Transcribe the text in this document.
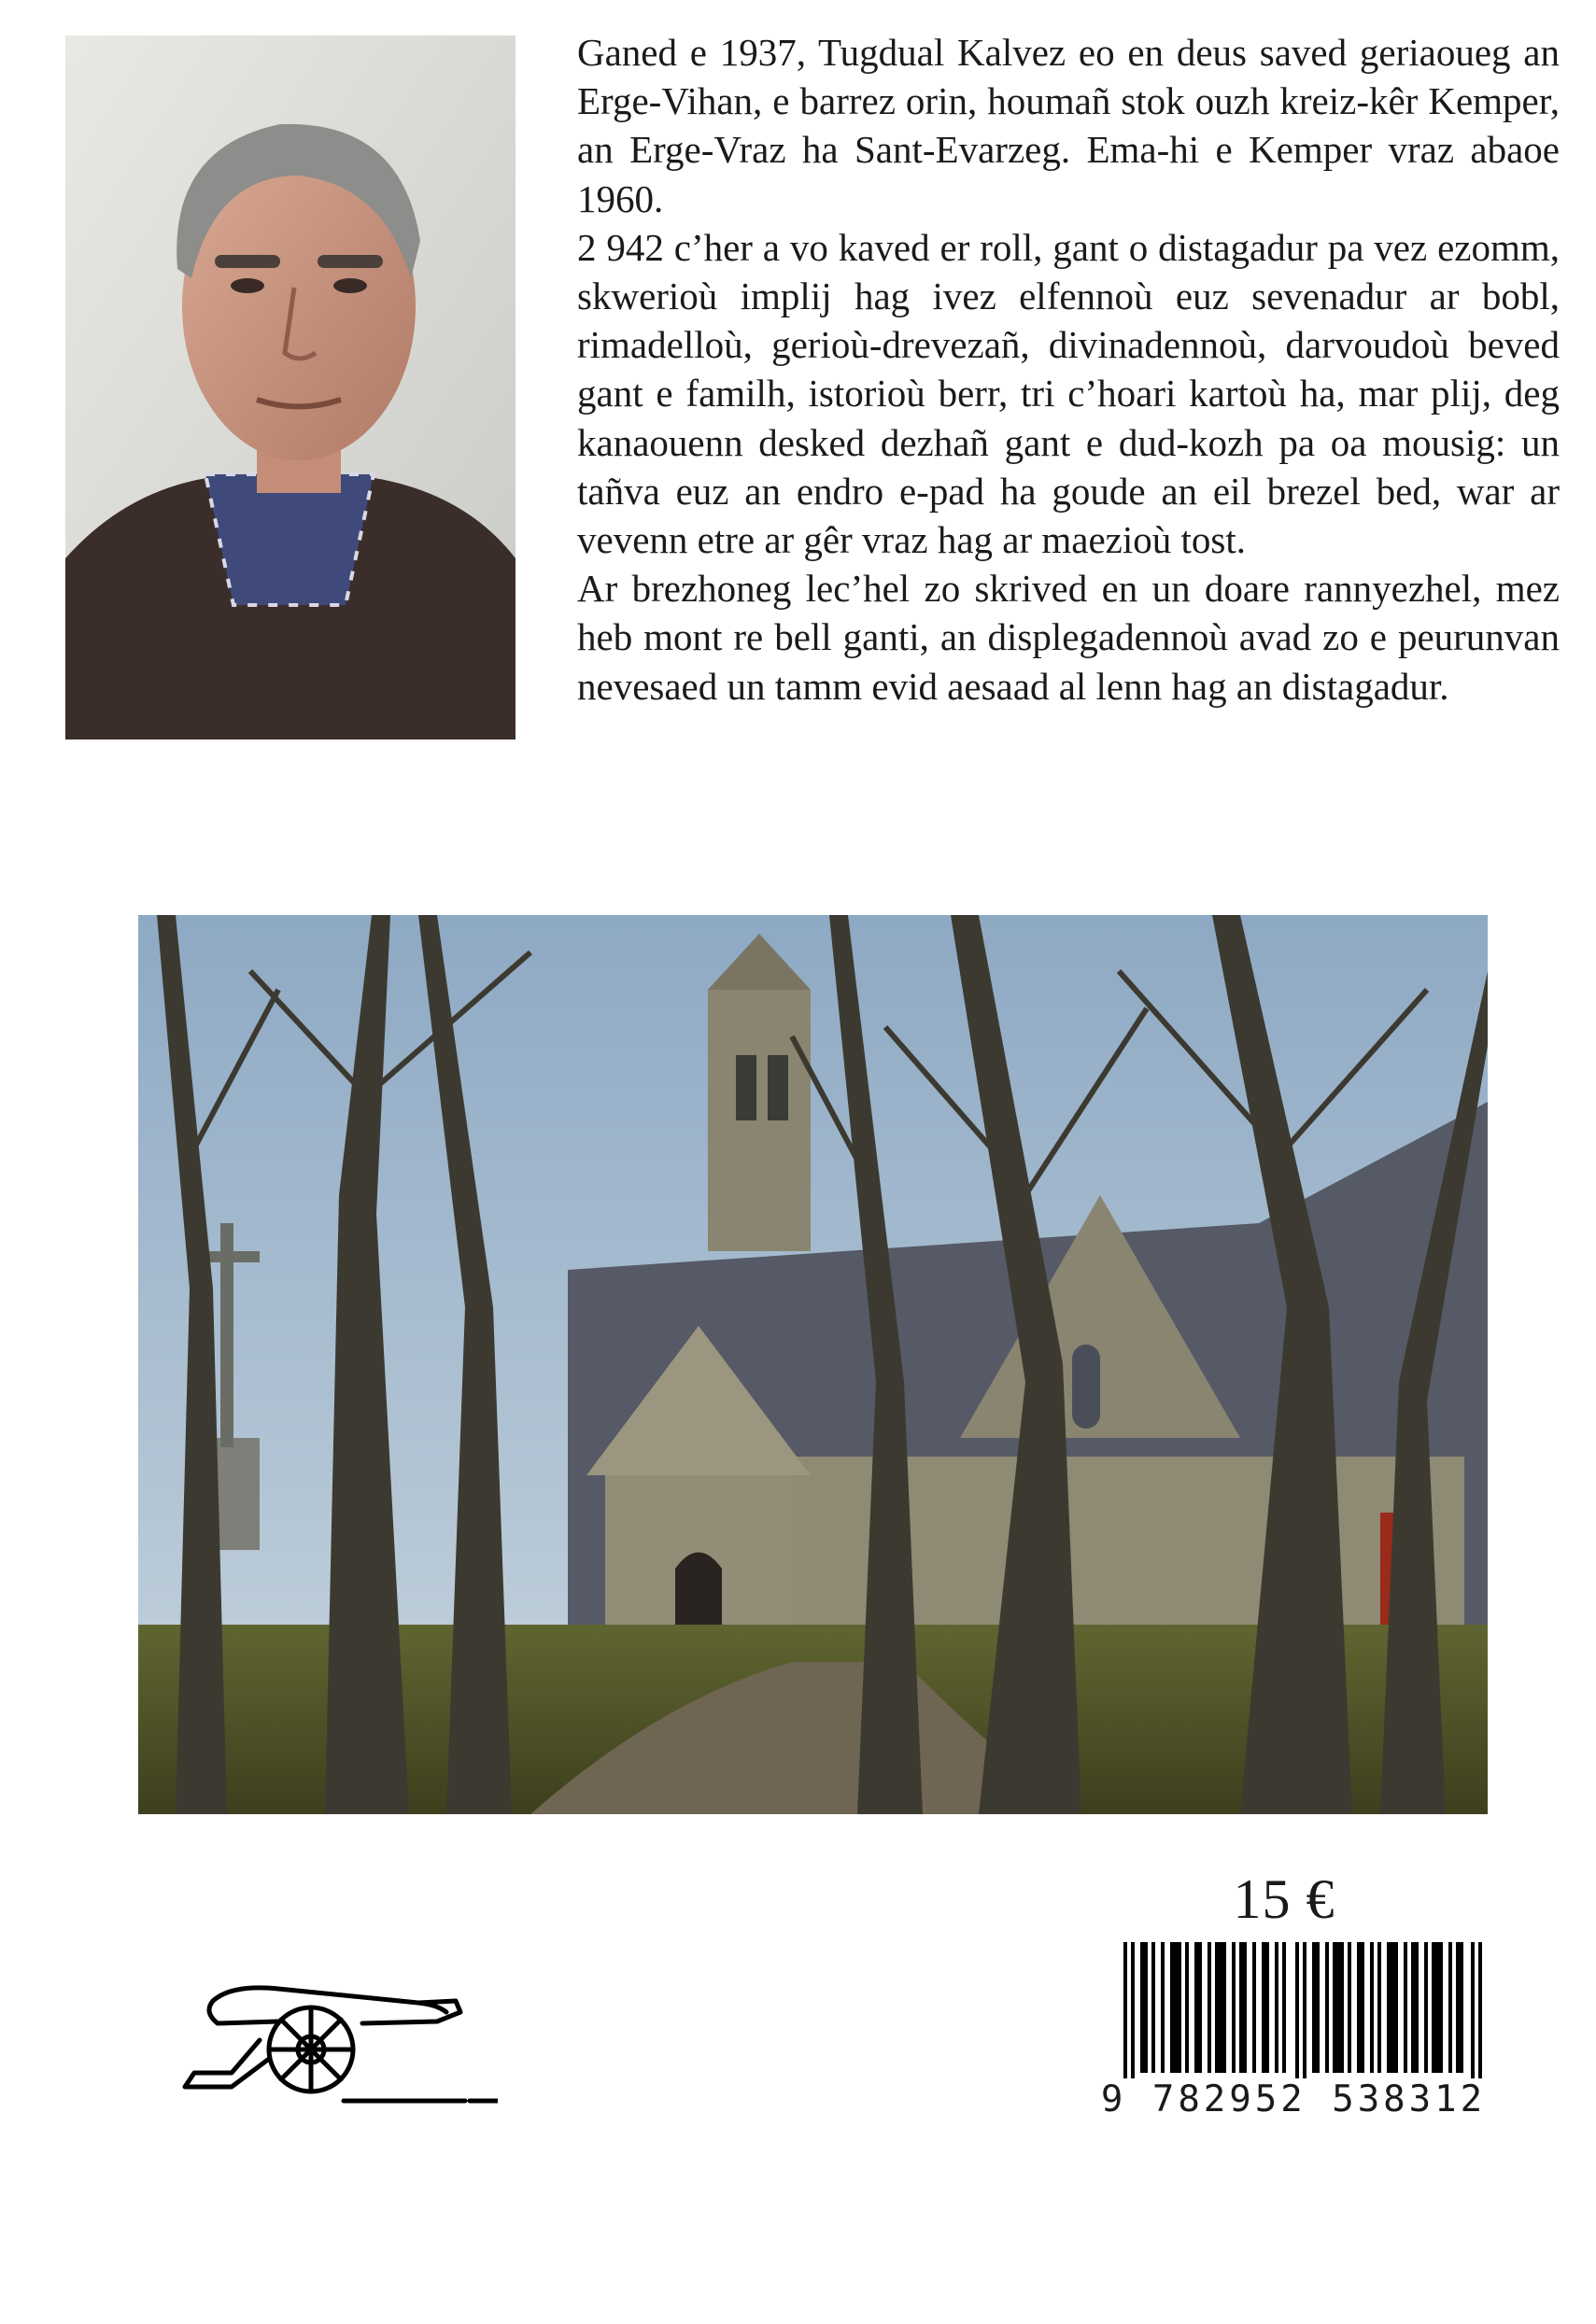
Ganed e 1937, Tugdual Kalvez eo en deus saved geriaoueg an Erge-Vihan, e barrez orin, houmañ stok ouzh kreiz-kêr Kemper, an Erge-Vraz ha Sant-Evarzeg. Ema-hi e Kemper vraz abaoe 1960.

2 942 c’her a vo kaved er roll, gant o distagadur pa vez ezomm, skwerioù implij hag ivez elfennoù euz sevenadur ar bobl, rimadelloù, gerioù-drevezañ, divinadennoù, darvoudoù beved gant e familh, istorioù berr, tri c’hoari kartoù ha, mar plij, deg kanaouenn desked dezhañ gant e dud-kozh pa oa mousig: un tañva euz an endro e-pad ha goude an eil brezel bed, war ar vevenn etre ar gêr vraz hag ar maezioù tost.

Ar brezhoneg lec’hel zo skrived en un doare rannyezhel, mez heb mont re bell ganti, an displegadennoù avad zo e peurunvan nevesaed un tamm evid aesaad al lenn hag an distagadur.

15 €
9 782952 538312
